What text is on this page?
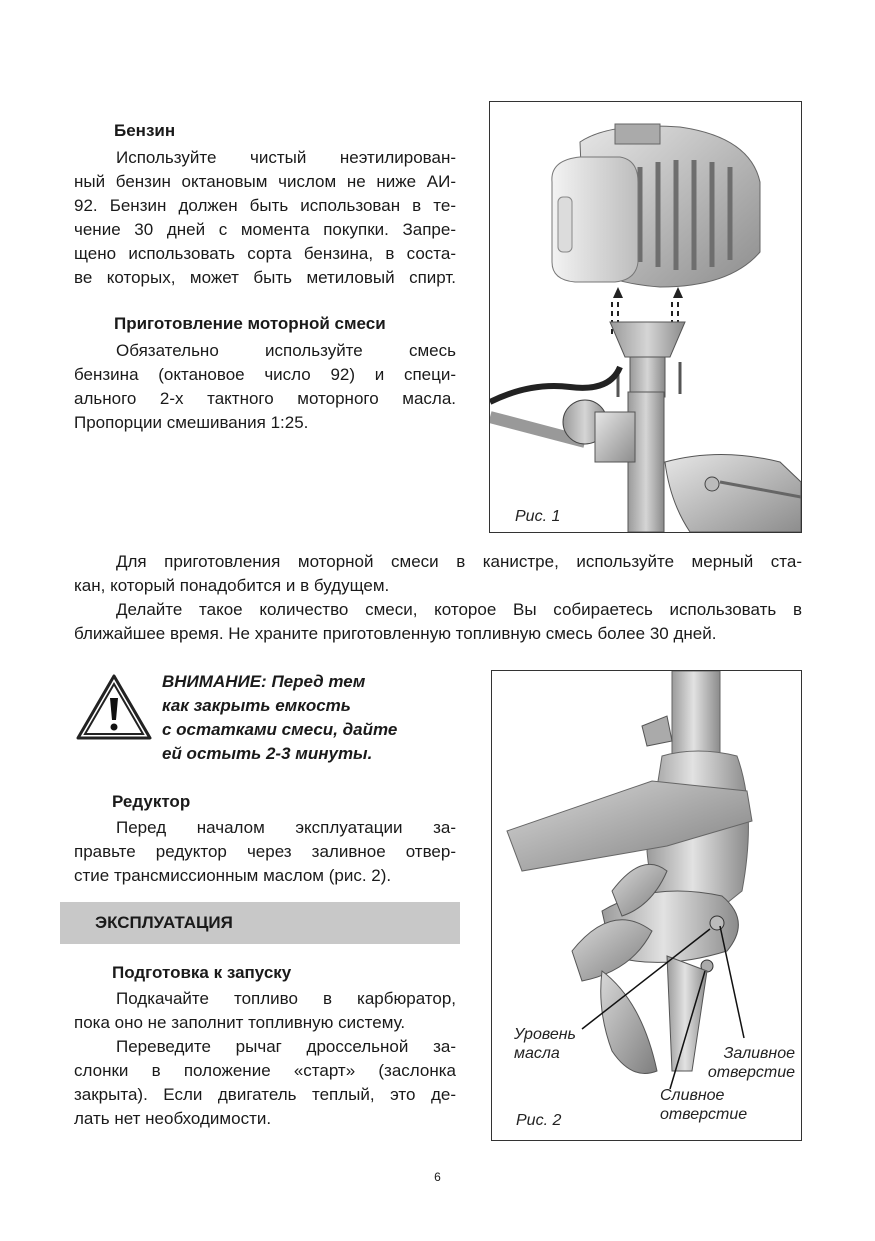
Бензин
Используйте чистый неэтилирован-
ный бензин октановым числом не ниже АИ-
92. Бензин должен быть использован в те-
чение 30 дней с момента покупки. Запре-
щено использовать сорта бензина, в соста-
ве которых, может быть метиловый спирт.
Приготовление моторной смеси
Обязательно используйте смесь
бензина (октановое число 92) и специ-
ального 2-х тактного моторного масла.
Пропорции смешивания 1:25.
Рис. 1
Для приготовления моторной смеси в канистре, используйте мерный ста-
кан, который понадобится и в будущем.
Делайте такое количество смеси, которое Вы собираетесь использовать в
ближайшее время. Не храните приготовленную топливную смесь более 30 дней.
ВНИМАНИЕ: Перед тем
как закрыть емкость
с остатками смеси, дайте
ей остыть 2-3 минуты.
Редуктор
Перед началом эксплуатации за-
правьте редуктор через заливное отвер-
стие трансмиссионным маслом (рис. 2).
ЭКСПЛУАТАЦИЯ
Подготовка к запуску
Подкачайте топливо в карбюратор,
пока оно не заполнит топливную систему.
Переведите рычаг дроссельной за-
слонки в положение «старт» (заслонка
закрыта). Если двигатель теплый, это де-
лать нет необходимости.
Уровень
масла	Заливное
отверстие
Сливное
отверстие
Рис. 2
6
